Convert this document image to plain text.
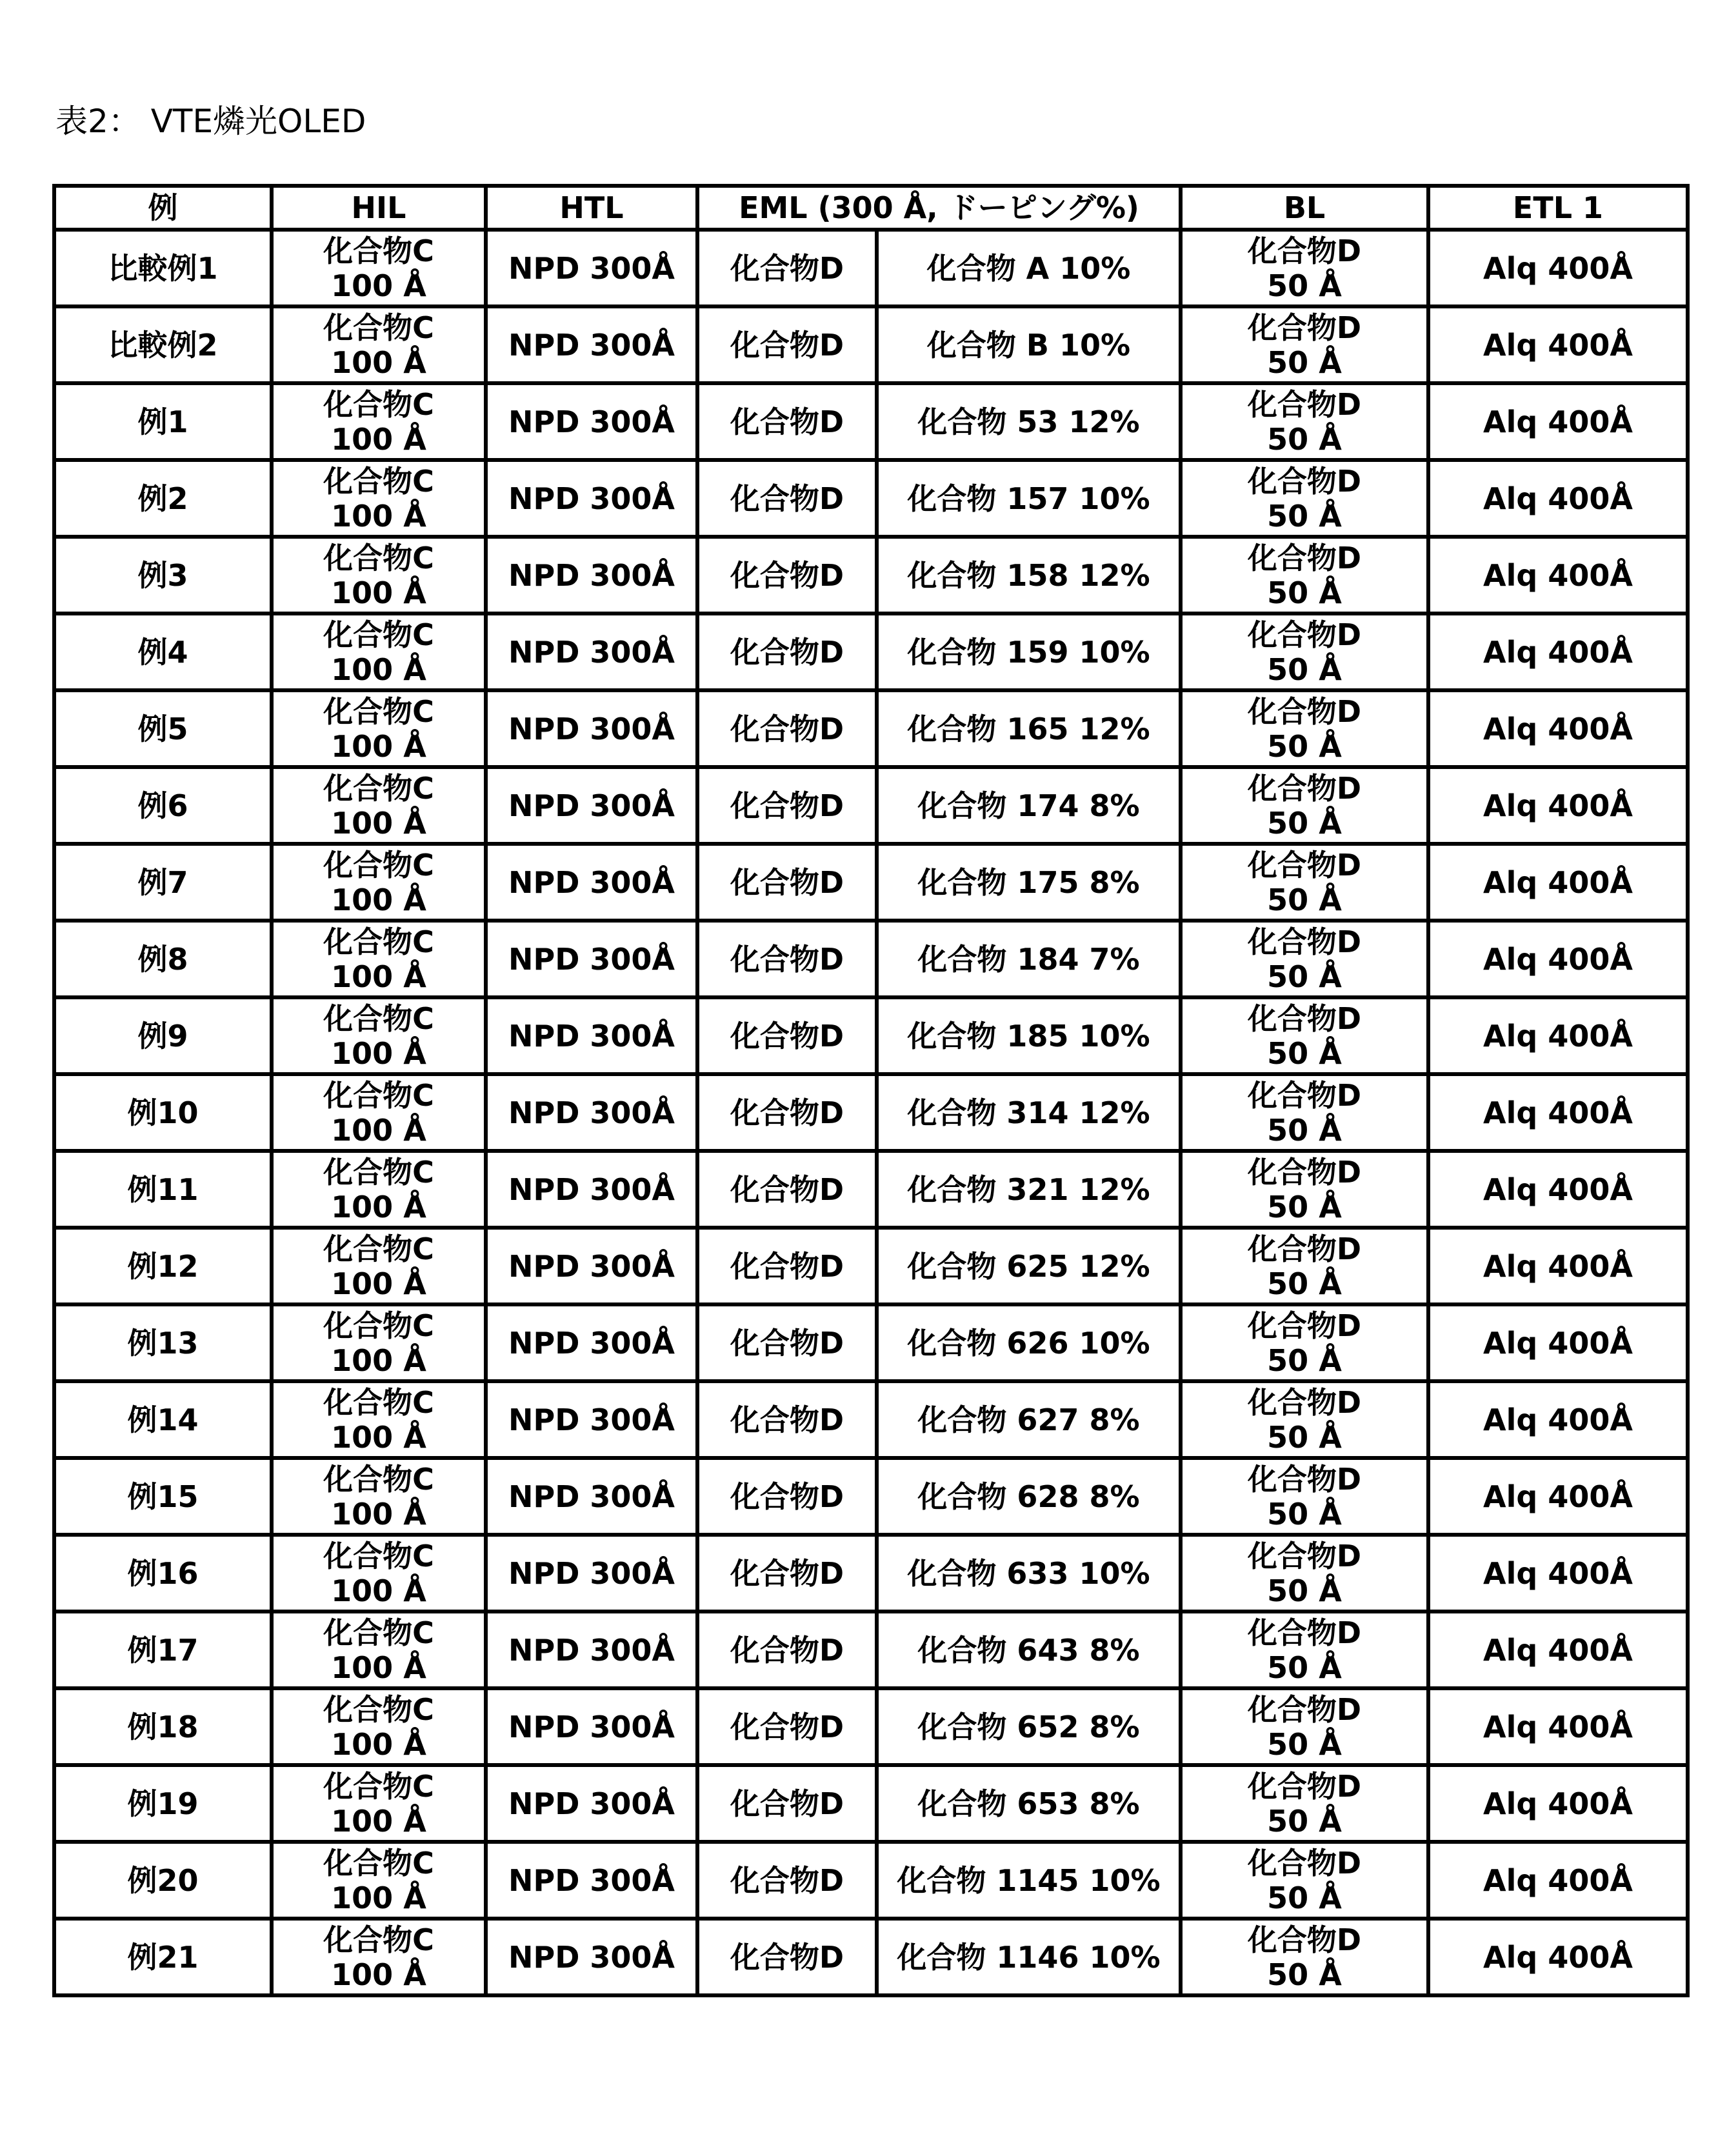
表2： VTE燐光OLED
例	HIL	HTL	EML (300 Å, ドーピング%)	BL	ETL 1
比較例1	化合物C
100 Å	NPD 300Å	化合物D	化合物 A 10%	化合物D
50 Å	Alq 400Å
比較例2	化合物C
100 Å	NPD 300Å	化合物D	化合物 B 10%	化合物D
50 Å	Alq 400Å
例1	化合物C
100 Å	NPD 300Å	化合物D	化合物 53 12%	化合物D
50 Å	Alq 400Å
例2	化合物C
100 Å	NPD 300Å	化合物D	化合物 157 10%	化合物D
50 Å	Alq 400Å
例3	化合物C
100 Å	NPD 300Å	化合物D	化合物 158 12%	化合物D
50 Å	Alq 400Å
例4	化合物C
100 Å	NPD 300Å	化合物D	化合物 159 10%	化合物D
50 Å	Alq 400Å
例5	化合物C
100 Å	NPD 300Å	化合物D	化合物 165 12%	化合物D
50 Å	Alq 400Å
例6	化合物C
100 Å	NPD 300Å	化合物D	化合物 174 8%	化合物D
50 Å	Alq 400Å
例7	化合物C
100 Å	NPD 300Å	化合物D	化合物 175 8%	化合物D
50 Å	Alq 400Å
例8	化合物C
100 Å	NPD 300Å	化合物D	化合物 184 7%	化合物D
50 Å	Alq 400Å
例9	化合物C
100 Å	NPD 300Å	化合物D	化合物 185 10%	化合物D
50 Å	Alq 400Å
例10	化合物C
100 Å	NPD 300Å	化合物D	化合物 314 12%	化合物D
50 Å	Alq 400Å
例11	化合物C
100 Å	NPD 300Å	化合物D	化合物 321 12%	化合物D
50 Å	Alq 400Å
例12	化合物C
100 Å	NPD 300Å	化合物D	化合物 625 12%	化合物D
50 Å	Alq 400Å
例13	化合物C
100 Å	NPD 300Å	化合物D	化合物 626 10%	化合物D
50 Å	Alq 400Å
例14	化合物C
100 Å	NPD 300Å	化合物D	化合物 627 8%	化合物D
50 Å	Alq 400Å
例15	化合物C
100 Å	NPD 300Å	化合物D	化合物 628 8%	化合物D
50 Å	Alq 400Å
例16	化合物C
100 Å	NPD 300Å	化合物D	化合物 633 10%	化合物D
50 Å	Alq 400Å
例17	化合物C
100 Å	NPD 300Å	化合物D	化合物 643 8%	化合物D
50 Å	Alq 400Å
例18	化合物C
100 Å	NPD 300Å	化合物D	化合物 652 8%	化合物D
50 Å	Alq 400Å
例19	化合物C
100 Å	NPD 300Å	化合物D	化合物 653 8%	化合物D
50 Å	Alq 400Å
例20	化合物C
100 Å	NPD 300Å	化合物D	化合物 1145 10%	化合物D
50 Å	Alq 400Å
例21	化合物C
100 Å	NPD 300Å	化合物D	化合物 1146 10%	化合物D
50 Å	Alq 400Å
